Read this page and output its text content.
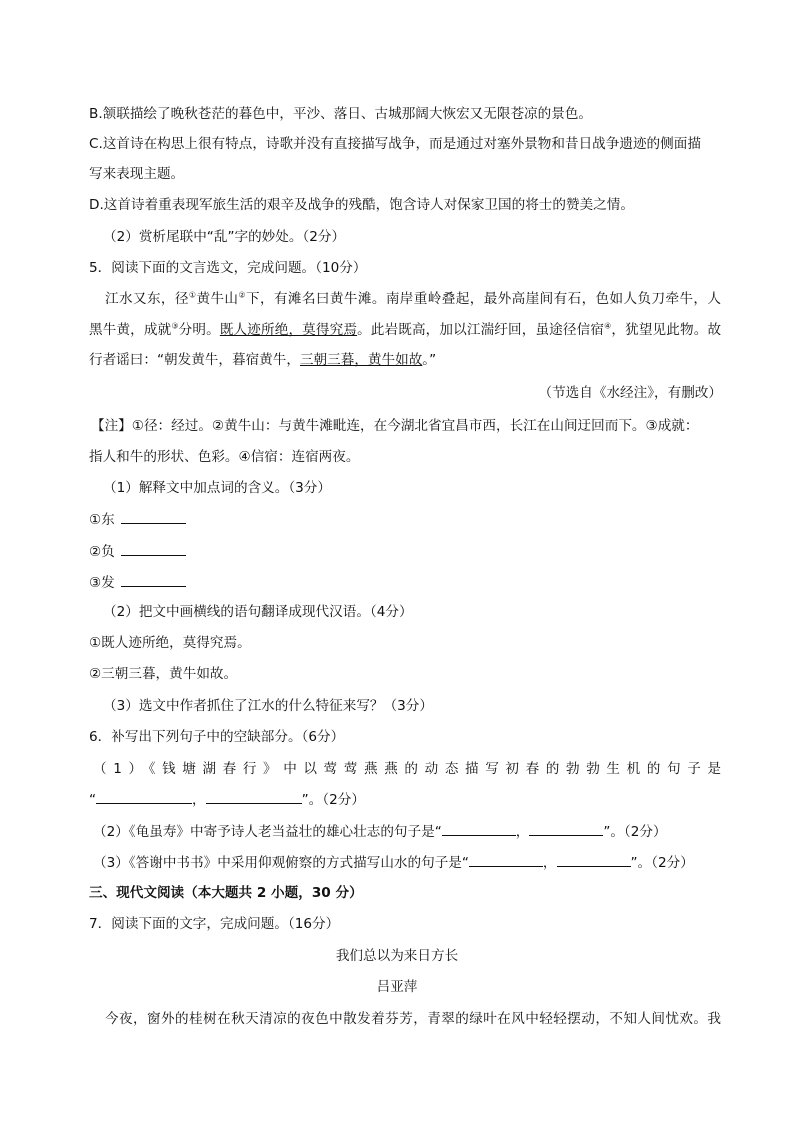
B.颔联描绘了晚秋苍茫的暮色中，平沙、落日、古城那阔大恢宏又无限苍凉的景色。
C.这首诗在构思上很有特点，诗歌并没有直接描写战争，而是通过对塞外景物和昔日战争遗迹的侧面描
写来表现主题。
D.这首诗着重表现军旅生活的艰辛及战争的残酷，饱含诗人对保家卫国的将士的赞美之情。
（2）赏析尾联中“乱”字的妙处。（2分）
5．阅读下面的文言选文，完成问题。（10分）
江水又东，径①黄牛山②下，有滩名曰黄牛滩。南岸重岭叠起，最外高崖间有石，色如人负刀牵牛，人
黑牛黄，成就③分明。既人迹所绝，莫得究焉。此岩既高，加以江湍纡回，虽途径信宿④，犹望见此物。故
行者谣曰：“朝发黄牛，暮宿黄牛，三朝三暮，黄牛如故。”
（节选自《水经注》，有删改）
【注】①径：经过。②黄牛山：与黄牛滩毗连，在今湖北省宜昌市西，长江在山间迂回而下。③成就：
指人和牛的形状、色彩。④信宿：连宿两夜。
（1）解释文中加点词的含义。（3分）
①东
②负
③发
（2）把文中画横线的语句翻译成现代汉语。（4分）
①既人迹所绝，莫得究焉。
②三朝三暮，黄牛如故。
（3）选文中作者抓住了江水的什么特征来写？（3分）
6．补写出下列句子中的空缺部分。（6分）
（1）《钱塘湖春行》中以莺莺燕燕的动态描写初春的勃勃生机的句子是
“	，	”。（2分）
（2）《龟虽寿》中寄予诗人老当益壮的雄心壮志的句子是“	，	”。（2分）
（3）《答谢中书书》中采用仰观俯察的方式描写山水的句子是“	，	”。（2分）
三、现代文阅读（本大题共 2 小题，30 分）
7．阅读下面的文字，完成问题。（16分）
我们总以为来日方长
吕亚萍
今夜，窗外的桂树在秋天清凉的夜色中散发着芬芳，青翠的绿叶在风中轻轻摆动，不知人间忧欢。我
